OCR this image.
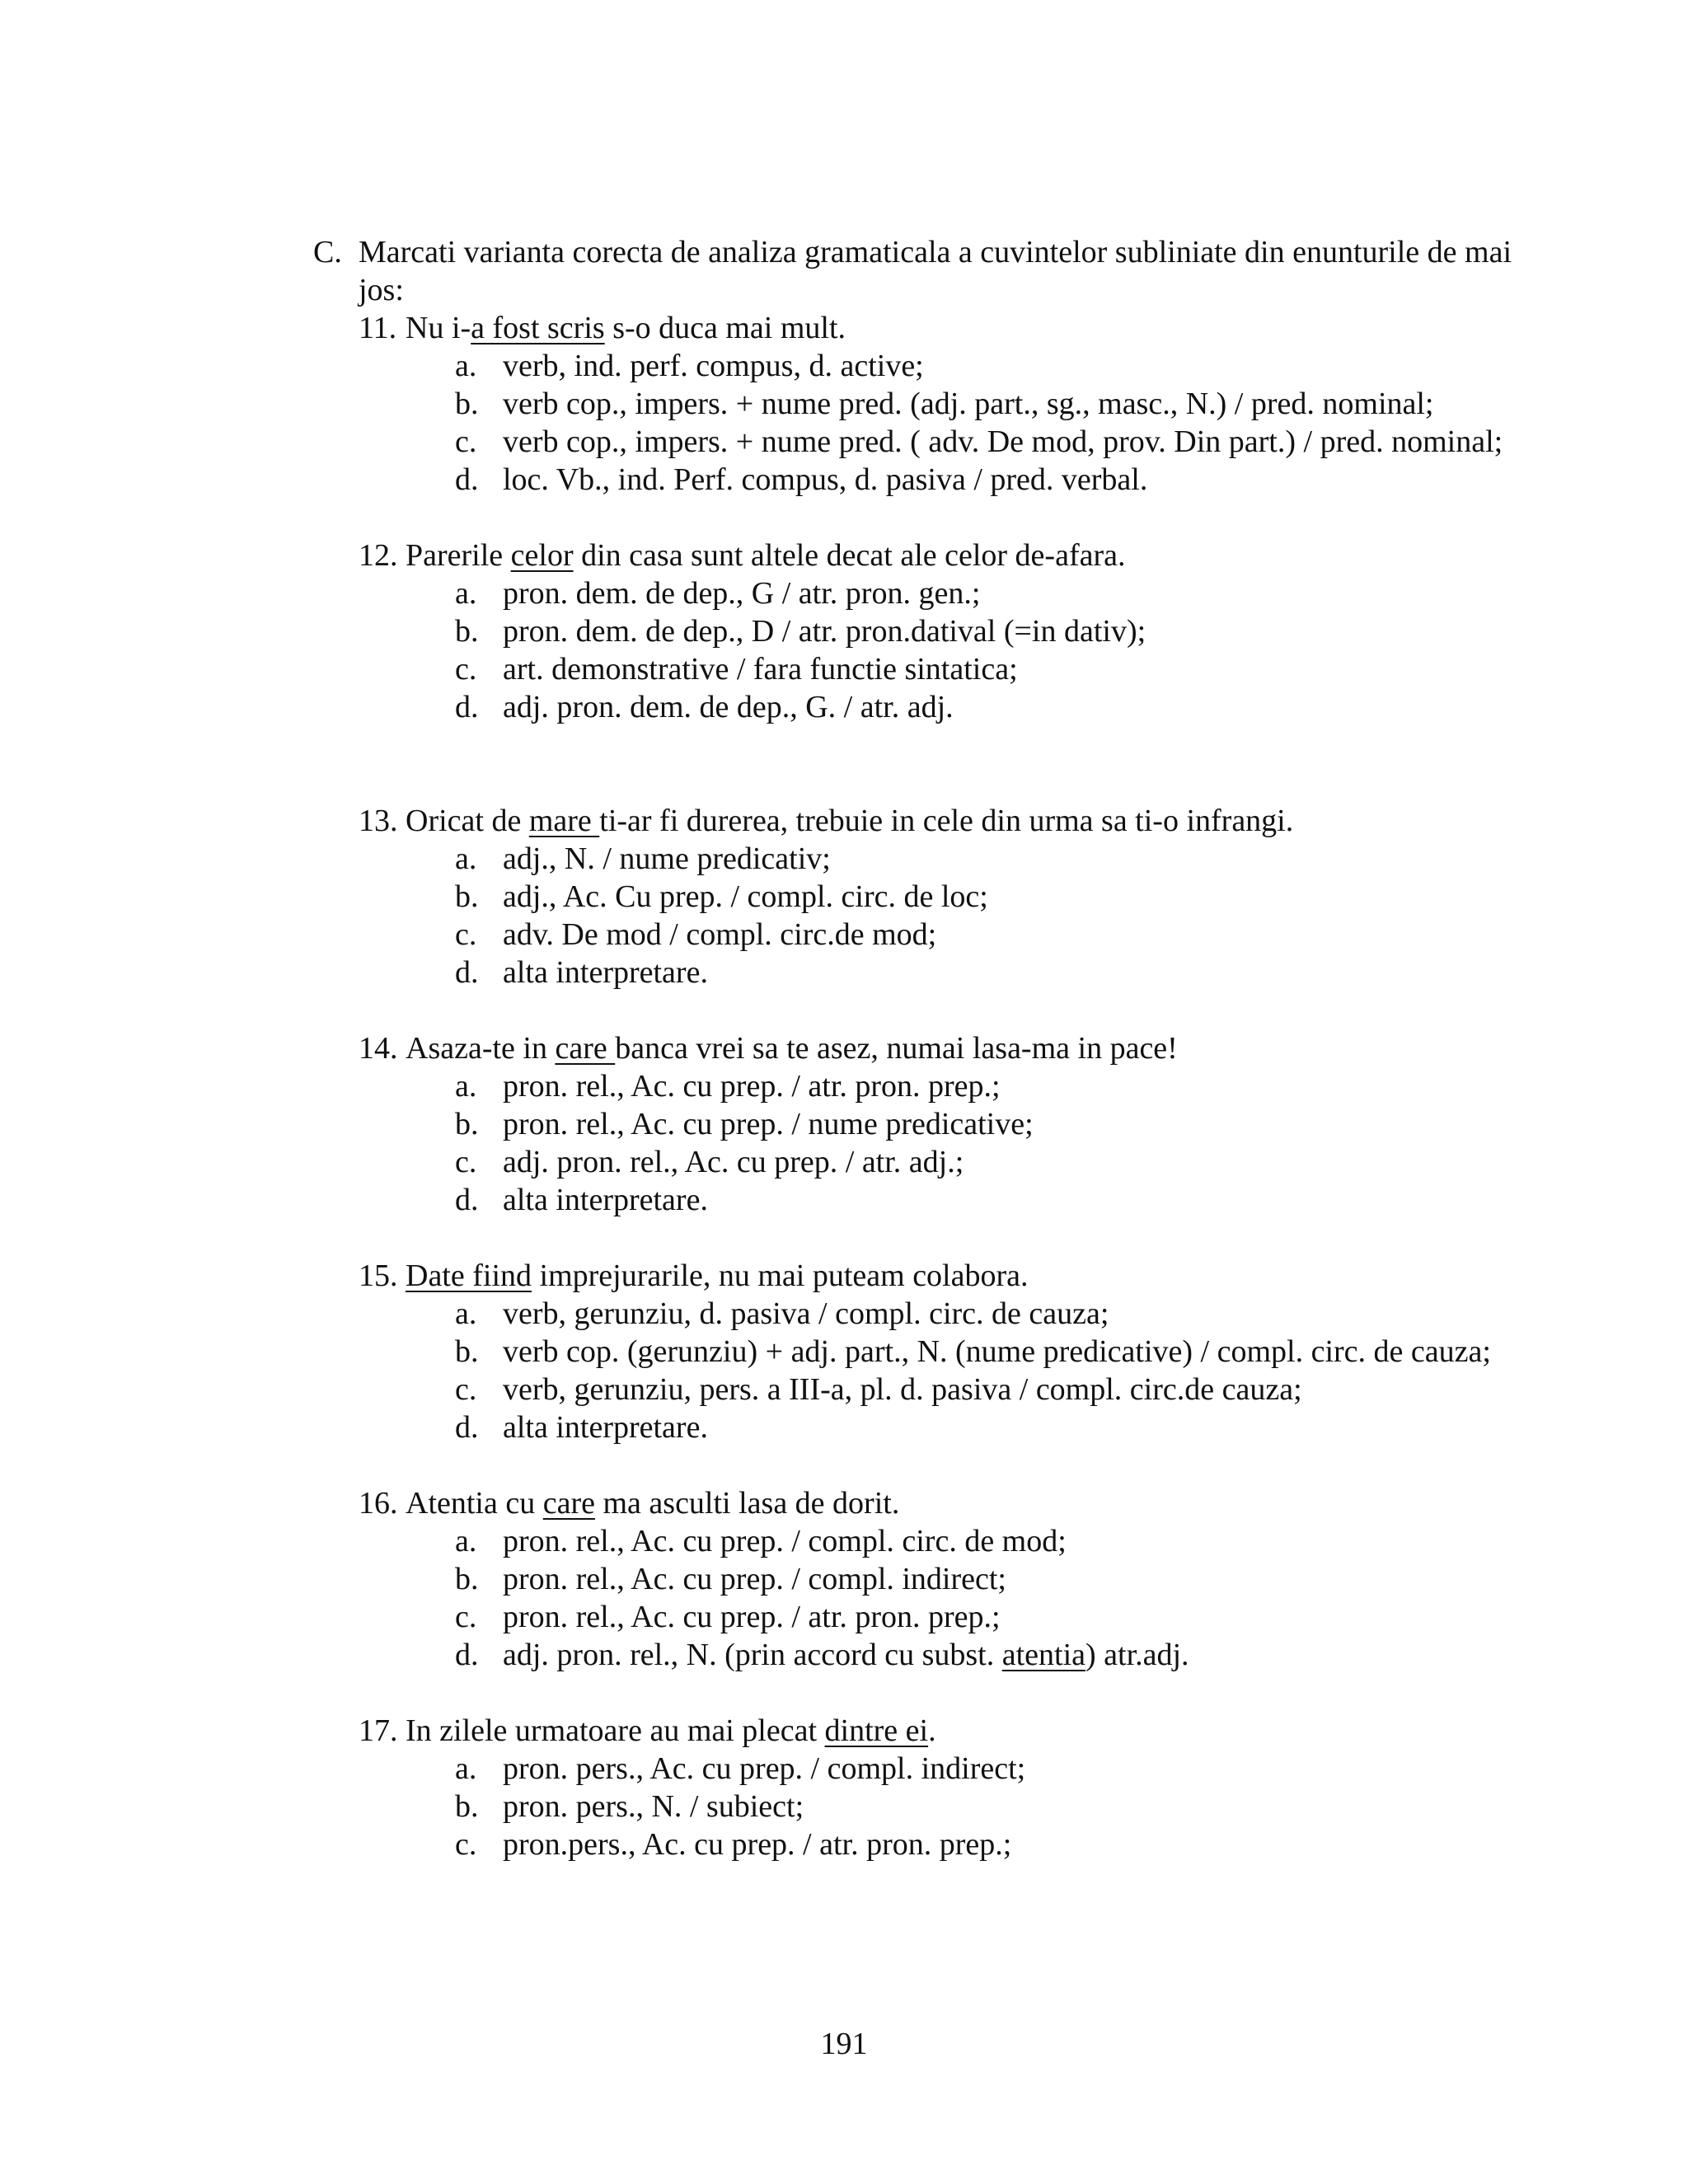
C. Marcati varianta corecta de analiza gramaticala a cuvintelor subliniate din enunturile de mai jos:
11. Nu i-a fost scris s-o duca mai mult.
a. verb, ind. perf. compus, d. active;
b. verb cop., impers. + nume pred. (adj. part., sg., masc., N.) / pred. nominal;
c. verb cop., impers. + nume pred. ( adv. De mod, prov. Din part.) / pred. nominal;
d. loc. Vb., ind. Perf. compus, d. pasiva / pred. verbal.
12. Parerile celor din casa sunt altele decat ale celor de-afara.
a. pron. dem. de dep., G / atr. pron. gen.;
b. pron. dem. de dep., D / atr. pron.datival (=in dativ);
c. art. demonstrative / fara functie sintatica;
d. adj. pron. dem. de dep., G. / atr. adj.
13. Oricat de mare ti-ar fi durerea, trebuie in cele din urma sa ti-o infrangi.
a. adj., N. / nume predicativ;
b. adj., Ac. Cu prep. / compl. circ. de loc;
c. adv. De mod / compl. circ.de mod;
d. alta interpretare.
14. Asaza-te in care banca vrei sa te asez, numai lasa-ma in pace!
a. pron. rel., Ac. cu prep. / atr. pron. prep.;
b. pron. rel., Ac. cu prep. / nume predicative;
c. adj. pron. rel., Ac. cu prep. / atr. adj.;
d. alta interpretare.
15. Date fiind imprejurarile, nu mai puteam colabora.
a. verb, gerunziu, d. pasiva / compl. circ. de cauza;
b. verb cop. (gerunziu) + adj. part., N. (nume predicative) / compl. circ. de cauza;
c. verb, gerunziu, pers. a III-a, pl. d. pasiva / compl. circ.de cauza;
d. alta interpretare.
16. Atentia cu care ma asculti lasa de dorit.
a. pron. rel., Ac. cu prep. / compl. circ. de mod;
b. pron. rel., Ac. cu prep. / compl. indirect;
c. pron. rel., Ac. cu prep. / atr. pron. prep.;
d. adj. pron. rel., N. (prin accord cu subst. atentia) atr.adj.
17. In zilele urmatoare au mai plecat dintre ei.
a. pron. pers., Ac. cu prep. / compl. indirect;
b. pron. pers., N. / subiect;
c. pron.pers., Ac. cu prep. / atr. pron. prep.;
191
